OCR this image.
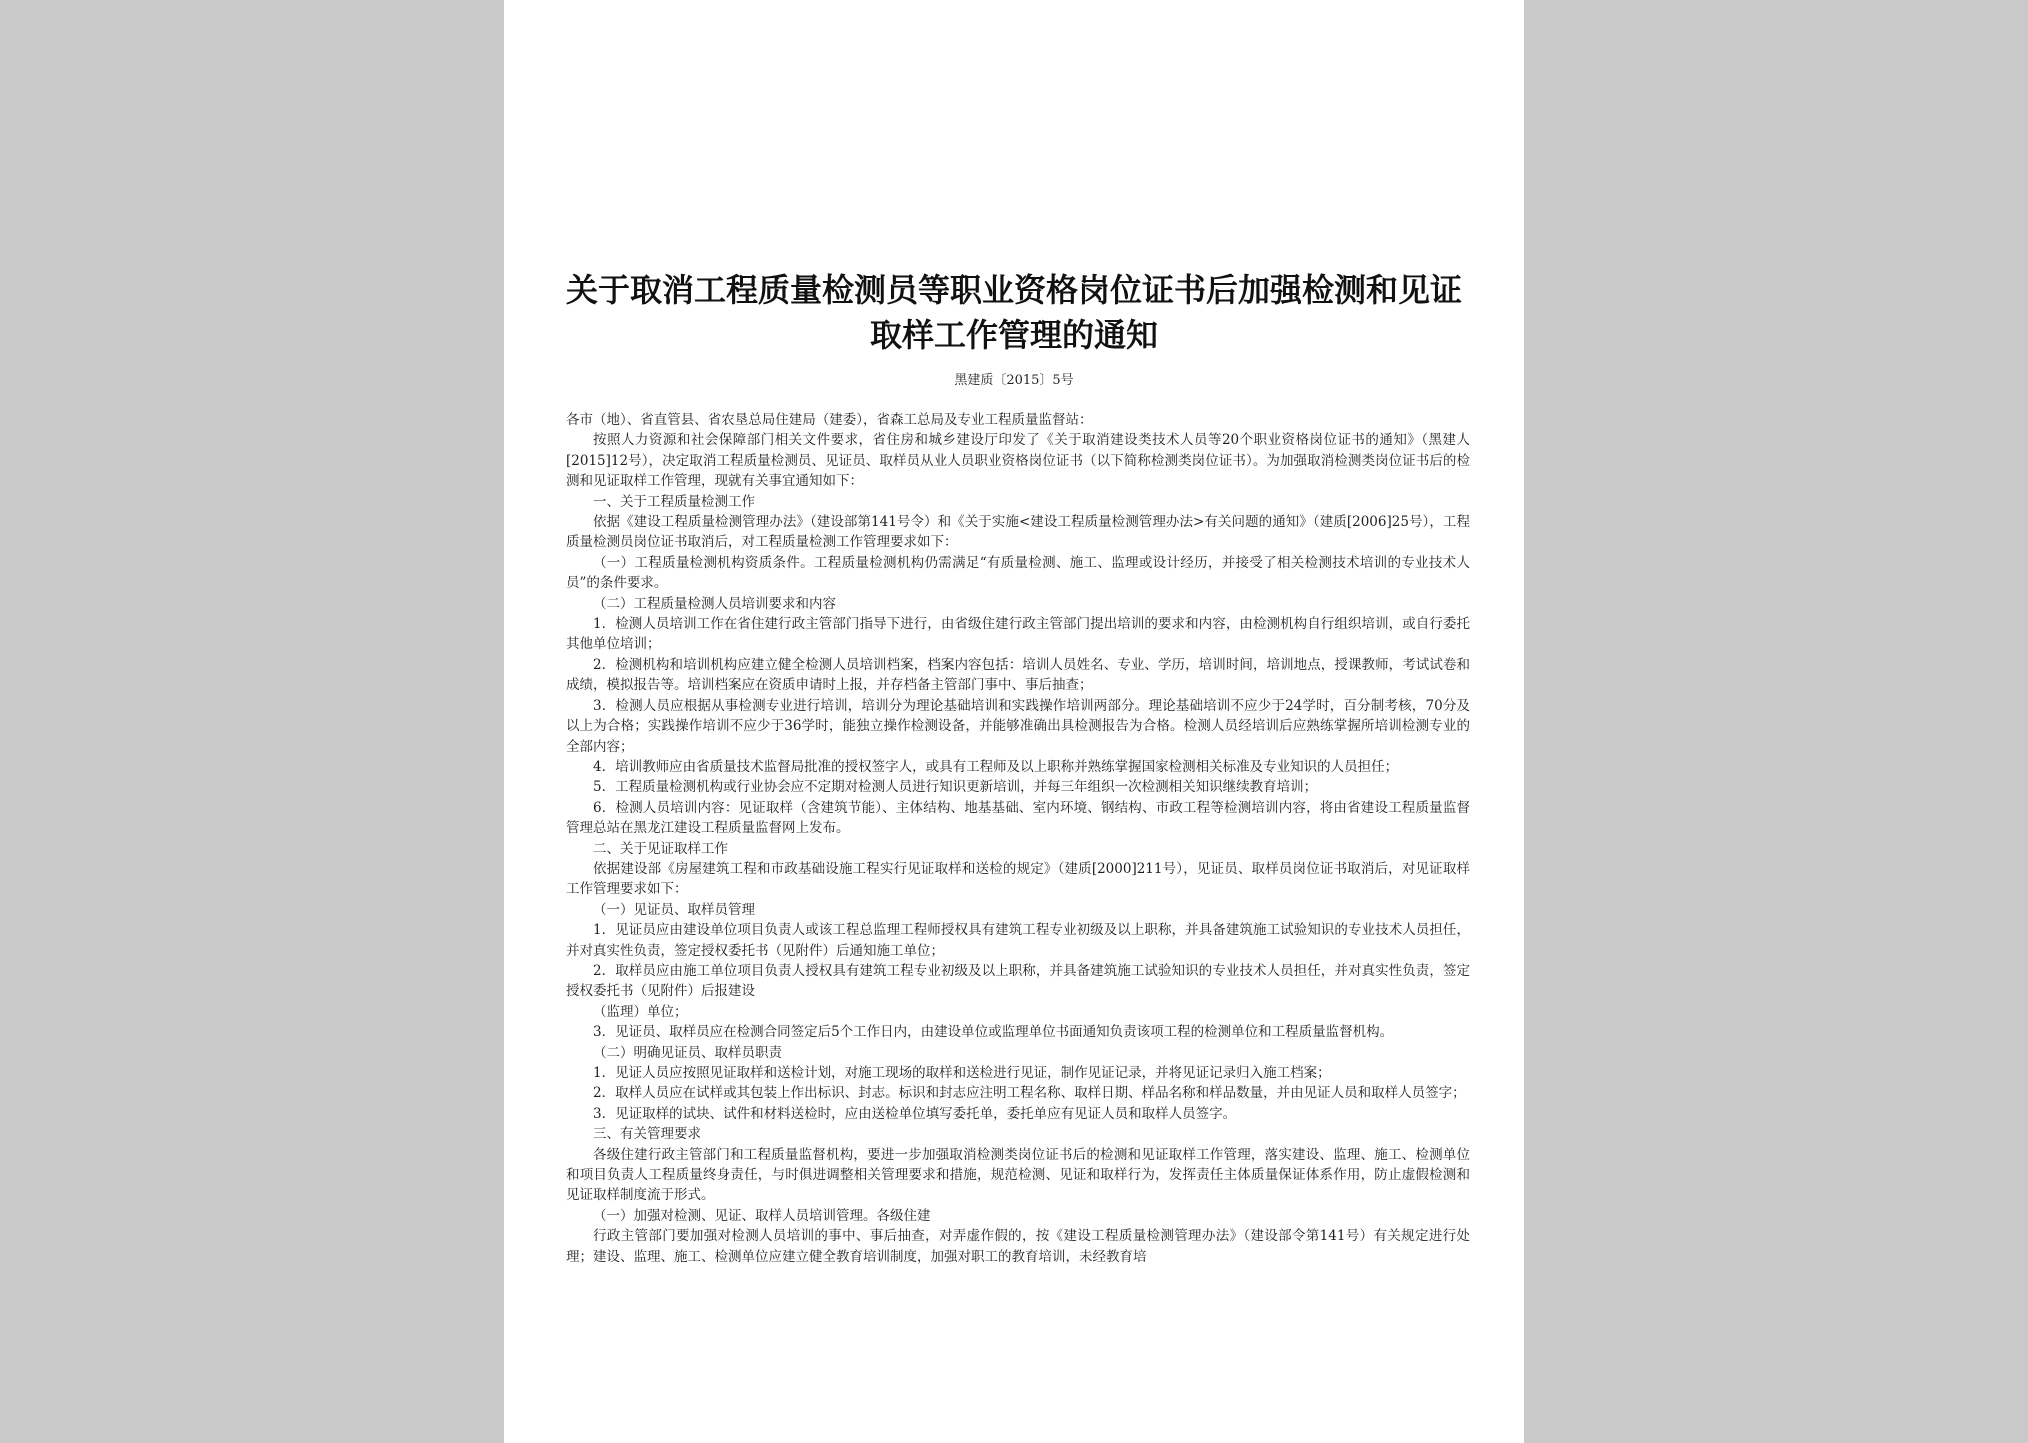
关于取消工程质量检测员等职业资格岗位证书后加强检测和见证取样工作管理的通知
黑建质〔2015〕5号

各市（地）、省直管县、省农垦总局住建局（建委），省森工总局及专业工程质量监督站：

按照人力资源和社会保障部门相关文件要求，省住房和城乡建设厅印发了《关于取消建设类技术人员等20个职业资格岗位证书的通知》（黑建人[2015]12号），决定取消工程质量检测员、见证员、取样员从业人员职业资格岗位证书（以下简称检测类岗位证书）。为加强取消检测类岗位证书后的检测和见证取样工作管理，现就有关事宜通知如下：

一、关于工程质量检测工作

依据《建设工程质量检测管理办法》（建设部第141号令）和《关于实施<建设工程质量检测管理办法>有关问题的通知》（建质[2006]25号），工程质量检测员岗位证书取消后，对工程质量检测工作管理要求如下：

（一）工程质量检测机构资质条件。工程质量检测机构仍需满足“有质量检测、施工、监理或设计经历，并接受了相关检测技术培训的专业技术人员”的条件要求。

（二）工程质量检测人员培训要求和内容

1．检测人员培训工作在省住建行政主管部门指导下进行，由省级住建行政主管部门提出培训的要求和内容，由检测机构自行组织培训，或自行委托其他单位培训；

2．检测机构和培训机构应建立健全检测人员培训档案，档案内容包括：培训人员姓名、专业、学历，培训时间，培训地点，授课教师，考试试卷和成绩，模拟报告等。培训档案应在资质申请时上报，并存档备主管部门事中、事后抽查；

3．检测人员应根据从事检测专业进行培训，培训分为理论基础培训和实践操作培训两部分。理论基础培训不应少于24学时，百分制考核，70分及以上为合格；实践操作培训不应少于36学时，能独立操作检测设备，并能够准确出具检测报告为合格。检测人员经培训后应熟练掌握所培训检测专业的全部内容；

4．培训教师应由省质量技术监督局批准的授权签字人，或具有工程师及以上职称并熟练掌握国家检测相关标准及专业知识的人员担任；

5．工程质量检测机构或行业协会应不定期对检测人员进行知识更新培训，并每三年组织一次检测相关知识继续教育培训；

6．检测人员培训内容：见证取样（含建筑节能）、主体结构、地基基础、室内环境、钢结构、市政工程等检测培训内容，将由省建设工程质量监督管理总站在黑龙江建设工程质量监督网上发布。

二、关于见证取样工作

依据建设部《房屋建筑工程和市政基础设施工程实行见证取样和送检的规定》（建质[2000]211号），见证员、取样员岗位证书取消后，对见证取样工作管理要求如下：

（一）见证员、取样员管理

1．见证员应由建设单位项目负责人或该工程总监理工程师授权具有建筑工程专业初级及以上职称，并具备建筑施工试验知识的专业技术人员担任，并对真实性负责，签定授权委托书（见附件）后通知施工单位；

2．取样员应由施工单位项目负责人授权具有建筑工程专业初级及以上职称，并具备建筑施工试验知识的专业技术人员担任，并对真实性负责，签定授权委托书（见附件）后报建设

（监理）单位；

3．见证员、取样员应在检测合同签定后5个工作日内，由建设单位或监理单位书面通知负责该项工程的检测单位和工程质量监督机构。

（二）明确见证员、取样员职责

1．见证人员应按照见证取样和送检计划，对施工现场的取样和送检进行见证，制作见证记录，并将见证记录归入施工档案；

2．取样人员应在试样或其包装上作出标识、封志。标识和封志应注明工程名称、取样日期、样品名称和样品数量，并由见证人员和取样人员签字；

3．见证取样的试块、试件和材料送检时，应由送检单位填写委托单，委托单应有见证人员和取样人员签字。

三、有关管理要求

各级住建行政主管部门和工程质量监督机构，要进一步加强取消检测类岗位证书后的检测和见证取样工作管理，落实建设、监理、施工、检测单位和项目负责人工程质量终身责任，与时俱进调整相关管理要求和措施，规范检测、见证和取样行为，发挥责任主体质量保证体系作用，防止虚假检测和见证取样制度流于形式。

（一）加强对检测、见证、取样人员培训管理。各级住建

行政主管部门要加强对检测人员培训的事中、事后抽查，对弄虚作假的，按《建设工程质量检测管理办法》（建设部令第141号）有关规定进行处理；建设、监理、施工、检测单位应建立健全教育培训制度，加强对职工的教育培训，未经教育培
